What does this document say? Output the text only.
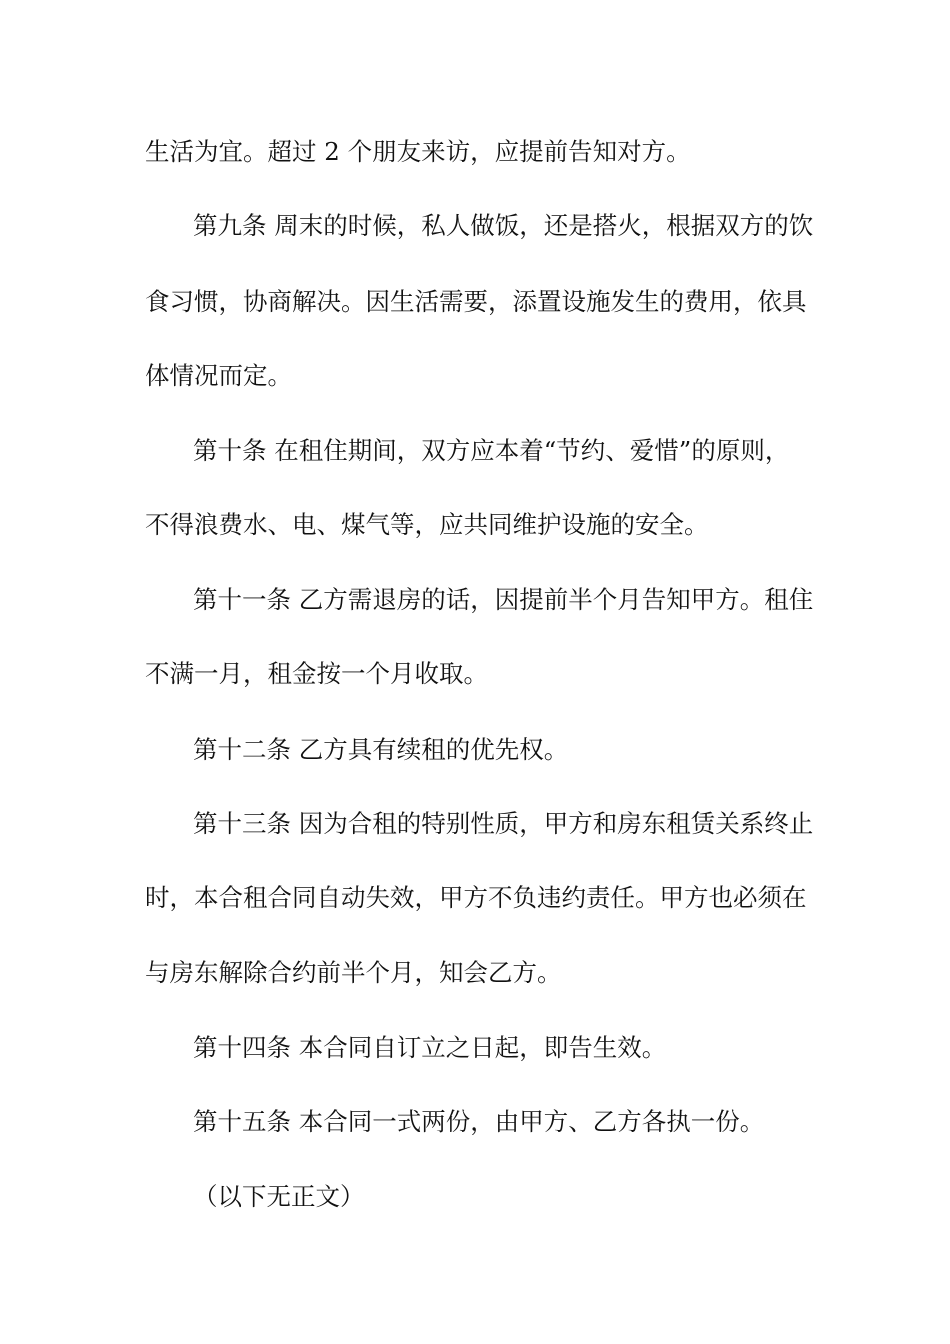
生活为宜。超过 2 个朋友来访，应提前告知对方。
第九条 周末的时候，私人做饭，还是搭火，根据双方的饮
食习惯，协商解决。因生活需要，添置设施发生的费用，依具
体情况而定。
第十条 在租住期间，双方应本着“节约、爱惜”的原则，
不得浪费水、电、煤气等，应共同维护设施的安全。
第十一条 乙方需退房的话，因提前半个月告知甲方。租住
不满一月，租金按一个月收取。
第十二条 乙方具有续租的优先权。
第十三条 因为合租的特别性质，甲方和房东租赁关系终止
时，本合租合同自动失效，甲方不负违约责任。甲方也必须在
与房东解除合约前半个月，知会乙方。
第十四条 本合同自订立之日起，即告生效。
第十五条 本合同一式两份，由甲方、乙方各执一份。
（以下无正文）
